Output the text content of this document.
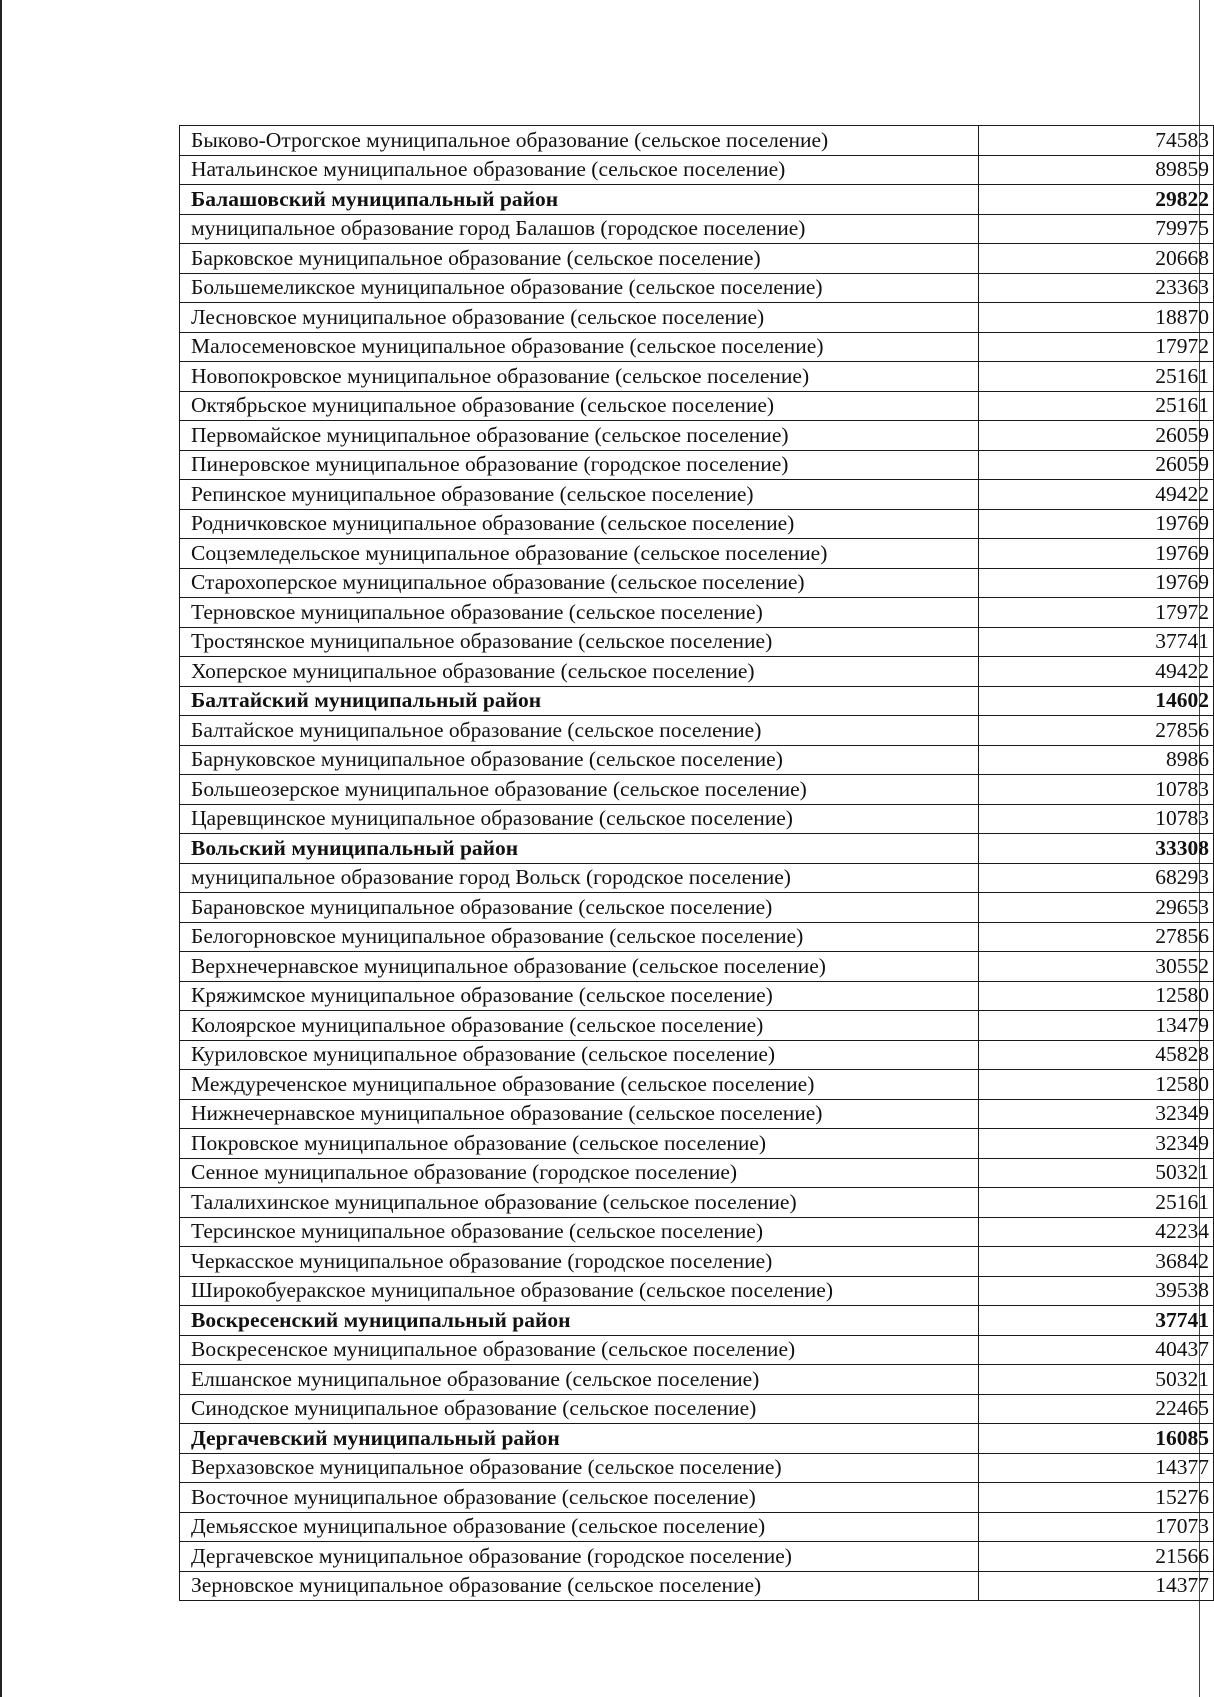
Быково-Отрогское муниципальное образование (сельское поселение)	74583
Натальинское муниципальное образование (сельское поселение)	89859
Балашовский муниципальный район	29822
муниципальное образование город Балашов (городское поселение)	79975
Барковское муниципальное образование (сельское поселение)	20668
Большемеликское муниципальное образование (сельское поселение)	23363
Лесновское муниципальное образование (сельское поселение)	18870
Малосеменовское муниципальное образование (сельское поселение)	17972
Новопокровское муниципальное образование (сельское поселение)	25161
Октябрьское муниципальное образование (сельское поселение)	25161
Первомайское муниципальное образование (сельское поселение)	26059
Пинеровское муниципальное образование (городское поселение)	26059
Репинское муниципальное образование (сельское поселение)	49422
Родничковское муниципальное образование (сельское поселение)	19769
Соцземледельское муниципальное образование (сельское поселение)	19769
Старохоперское муниципальное образование (сельское поселение)	19769
Терновское муниципальное образование (сельское поселение)	17972
Тростянское муниципальное образование (сельское поселение)	37741
Хоперское муниципальное образование (сельское поселение)	49422
Балтайский муниципальный район	14602
Балтайское муниципальное образование (сельское поселение)	27856
Барнуковское муниципальное образование (сельское поселение)	8986
Большеозерское муниципальное образование (сельское поселение)	10783
Царевщинское муниципальное образование (сельское поселение)	10783
Вольский муниципальный район	33308
муниципальное образование город Вольск (городское поселение)	68293
Барановское муниципальное образование (сельское поселение)	29653
Белогорновское муниципальное образование (сельское поселение)	27856
Верхнечернавское муниципальное образование (сельское поселение)	30552
Кряжимское муниципальное образование (сельское поселение)	12580
Колоярское муниципальное образование (сельское поселение)	13479
Куриловское муниципальное образование (сельское поселение)	45828
Междуреченское муниципальное образование (сельское поселение)	12580
Нижнечернавское муниципальное образование (сельское поселение)	32349
Покровское муниципальное образование (сельское поселение)	32349
Сенное муниципальное образование (городское поселение)	50321
Талалихинское муниципальное образование (сельское поселение)	25161
Терсинское муниципальное образование (сельское поселение)	42234
Черкасское муниципальное образование (городское поселение)	36842
Широкобуеракское муниципальное образование (сельское поселение)	39538
Воскресенский муниципальный район	37741
Воскресенское муниципальное образование (сельское поселение)	40437
Елшанское муниципальное образование (сельское поселение)	50321
Синодское муниципальное образование (сельское поселение)	22465
Дергачевский муниципальный район	16085
Верхазовское муниципальное образование (сельское поселение)	14377
Восточное муниципальное образование (сельское поселение)	15276
Демьясское муниципальное образование (сельское поселение)	17073
Дергачевское муниципальное образование (городское поселение)	21566
Зерновское муниципальное образование (сельское поселение)	14377
